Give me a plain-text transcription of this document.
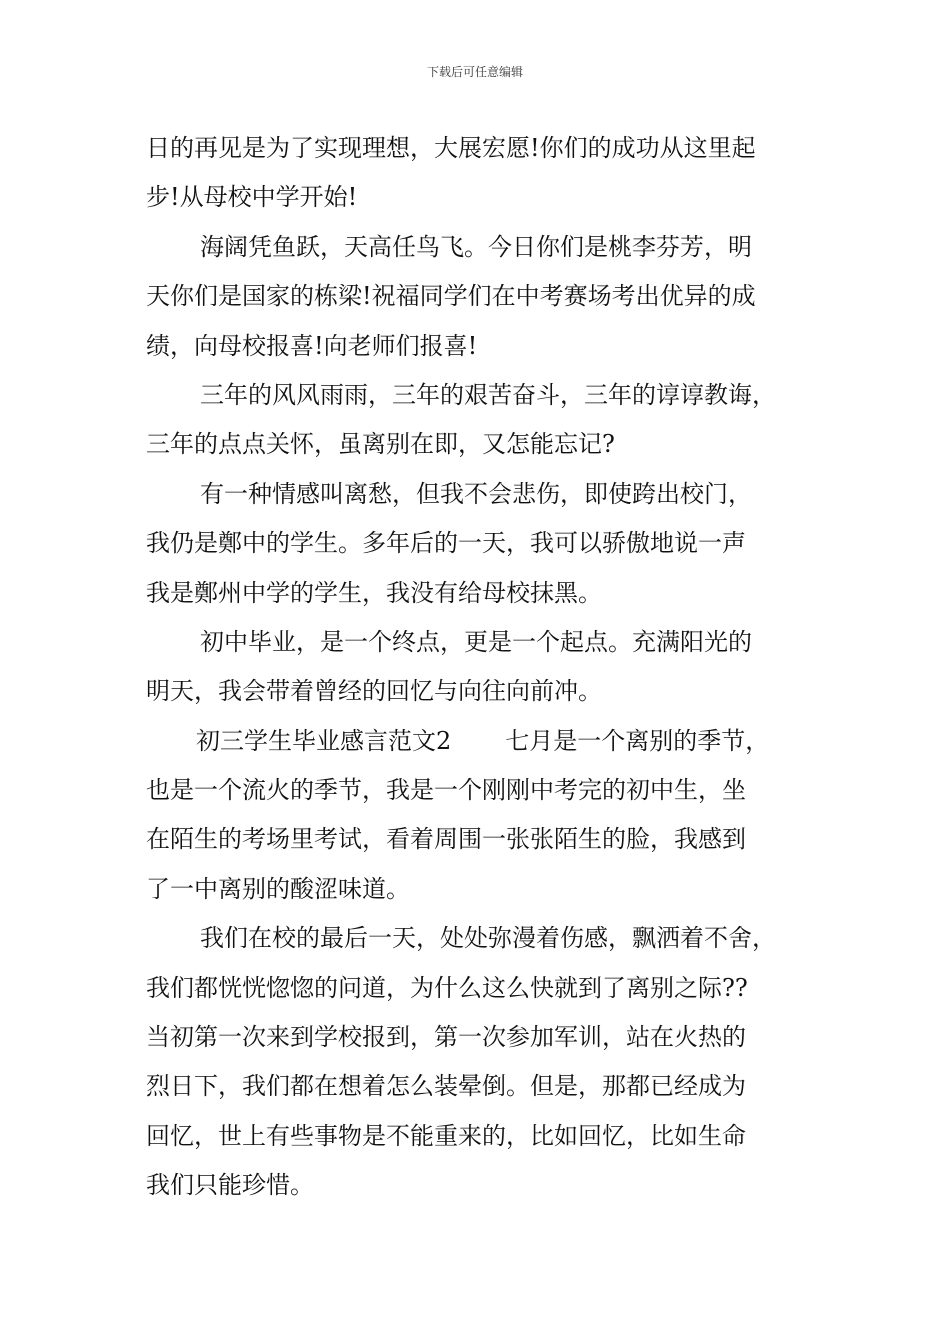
下载后可任意编辑
日的再见是为了实现理想，大展宏愿!你们的成功从这里起
步!从母校中学开始!
海阔凭鱼跃，天高任鸟飞。今日你们是桃李芬芳，明
天你们是国家的栋梁!祝福同学们在中考赛场考出优异的成
绩，向母校报喜!向老师们报喜!
三年的风风雨雨，三年的艰苦奋斗，三年的谆谆教诲，
三年的点点关怀，虽离别在即，又怎能忘记?
有一种情感叫离愁，但我不会悲伤，即使跨出校门，
我仍是鄭中的学生。多年后的一天，我可以骄傲地说一声
我是鄭州中学的学生，我没有给母校抹黑。
初中毕业，是一个终点，更是一个起点。充满阳光的
明天，我会带着曾经的回忆与向往向前冲。
初三学生毕业感言范文2 七月是一个离别的季节，
也是一个流火的季节，我是一个刚刚中考完的初中生，坐
在陌生的考场里考试，看着周围一张张陌生的脸，我感到
了一中离别的酸涩味道。
我们在校的最后一天，处处弥漫着伤感，飘洒着不舍，
我们都恍恍惚惚的问道，为什么这么快就到了离别之际??
当初第一次来到学校报到，第一次参加军训，站在火热的
烈日下，我们都在想着怎么装晕倒。但是，那都已经成为
回忆，世上有些事物是不能重来的，比如回忆，比如生命
我们只能珍惜。
